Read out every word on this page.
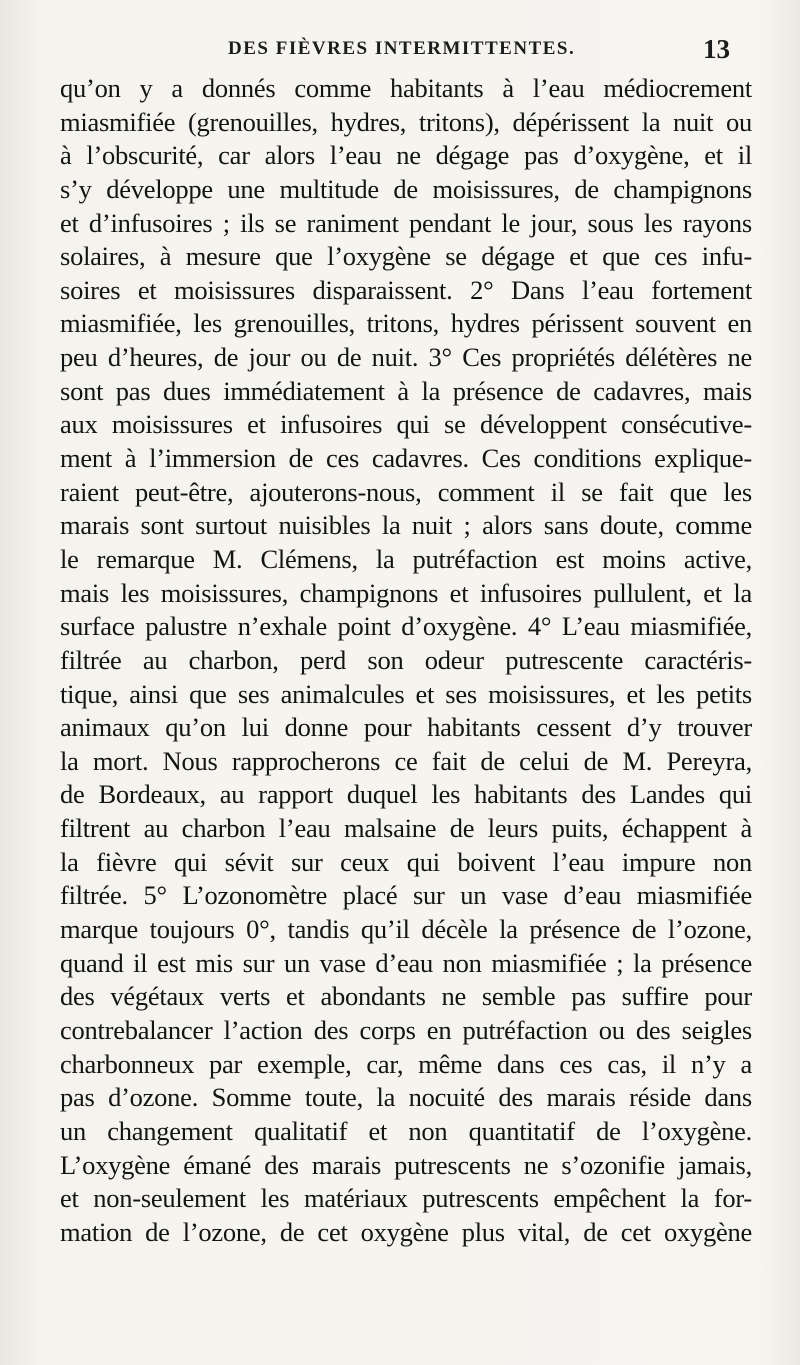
DES FIÈVRES INTERMITTENTES.	13
qu’on y a donnés comme habitants à l’eau médiocrement
miasmifiée (grenouilles, hydres, tritons), dépérissent la nuit ou
à l’obscurité, car alors l’eau ne dégage pas d’oxygène, et il
s’y développe une multitude de moisissures, de champignons
et d’infusoires ; ils se raniment pendant le jour, sous les rayons
solaires, à mesure que l’oxygène se dégage et que ces infu-
soires et moisissures disparaissent. 2° Dans l’eau fortement
miasmifiée, les grenouilles, tritons, hydres périssent souvent en
peu d’heures, de jour ou de nuit. 3° Ces propriétés délétères ne
sont pas dues immédiatement à la présence de cadavres, mais
aux moisissures et infusoires qui se développent consécutive-
ment à l’immersion de ces cadavres. Ces conditions explique-
raient peut-être, ajouterons-nous, comment il se fait que les
marais sont surtout nuisibles la nuit ; alors sans doute, comme
le remarque M. Clémens, la putréfaction est moins active,
mais les moisissures, champignons et infusoires pullulent, et la
surface palustre n’exhale point d’oxygène. 4° L’eau miasmifiée,
filtrée au charbon, perd son odeur putrescente caractéris-
tique, ainsi que ses animalcules et ses moisissures, et les petits
animaux qu’on lui donne pour habitants cessent d’y trouver
la mort. Nous rapprocherons ce fait de celui de M. Pereyra,
de Bordeaux, au rapport duquel les habitants des Landes qui
filtrent au charbon l’eau malsaine de leurs puits, échappent à
la fièvre qui sévit sur ceux qui boivent l’eau impure non
filtrée. 5° L’ozonomètre placé sur un vase d’eau miasmifiée
marque toujours 0°, tandis qu’il décèle la présence de l’ozone,
quand il est mis sur un vase d’eau non miasmifiée ; la présence
des végétaux verts et abondants ne semble pas suffire pour
contrebalancer l’action des corps en putréfaction ou des seigles
charbonneux par exemple, car, même dans ces cas, il n’y a
pas d’ozone. Somme toute, la nocuité des marais réside dans
un changement qualitatif et non quantitatif de l’oxygène.
L’oxygène émané des marais putrescents ne s’ozonifie jamais,
et non-seulement les matériaux putrescents empêchent la for-
mation de l’ozone, de cet oxygène plus vital, de cet oxygène
